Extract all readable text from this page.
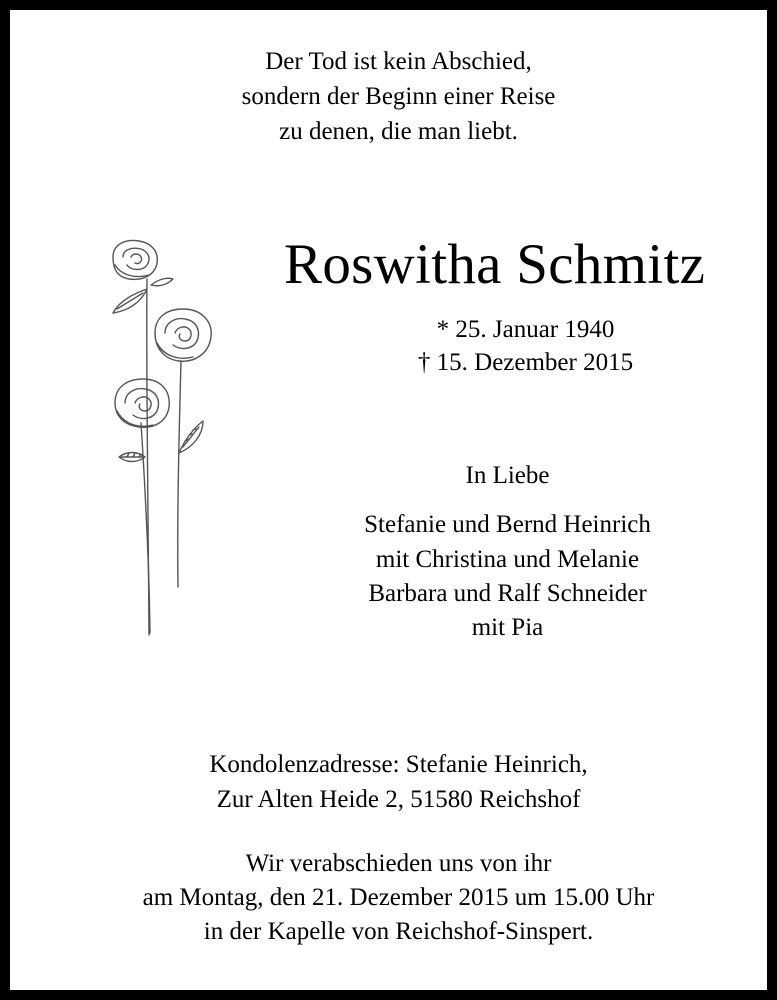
Der Tod ist kein Abschied,
sondern der Beginn einer Reise
zu denen, die man liebt.
Roswitha Schmitz
* 25. Januar 1940
† 15. Dezember 2015
In Liebe
Stefanie und Bernd Heinrich
mit Christina und Melanie
Barbara und Ralf Schneider
mit Pia
Kondolenzadresse: Stefanie Heinrich,
Zur Alten Heide 2, 51580 Reichshof
Wir verabschieden uns von ihr
am Montag, den 21. Dezember 2015 um 15.00 Uhr
in der Kapelle von Reichshof-Sinspert.
